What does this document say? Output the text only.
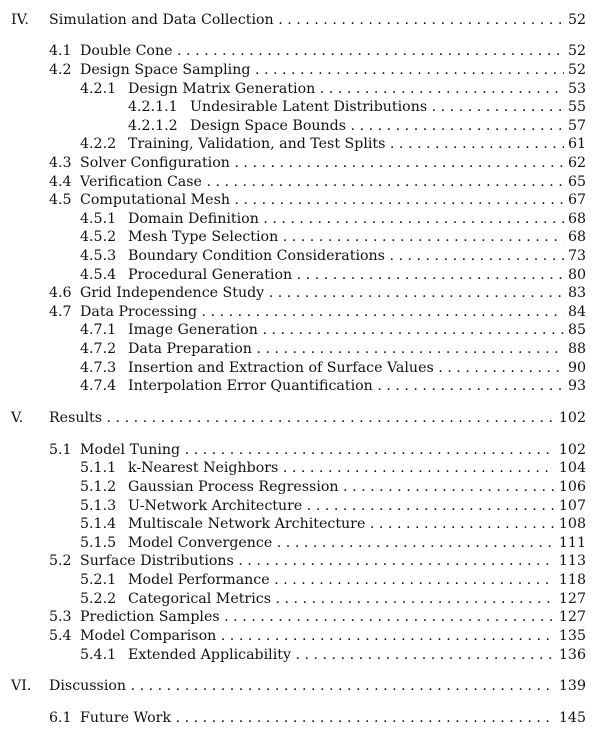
IV. Simulation and Data Collection . . .	52
4.1 Double Cone . . .	52
4.2 Design Space Sampling . . .	52
4.2.1 Design Matrix Generation . . .	53
4.2.1.1 Undesirable Latent Distributions . . .	55
4.2.1.2 Design Space Bounds . . .	57
4.2.2 Training, Validation, and Test Splits . . .	61
4.3 Solver Configuration . . .	62
4.4 Verification Case . . .	65
4.5 Computational Mesh . . .	67
4.5.1 Domain Definition . . .	68
4.5.2 Mesh Type Selection . . .	68
4.5.3 Boundary Condition Considerations . . .	73
4.5.4 Procedural Generation . . .	80
4.6 Grid Independence Study . . .	83
4.7 Data Processing . . .	84
4.7.1 Image Generation . . .	85
4.7.2 Data Preparation . . .	88
4.7.3 Insertion and Extraction of Surface Values . . .	90
4.7.4 Interpolation Error Quantification . . .	93
V. Results . . .	102
5.1 Model Tuning . . .	102
5.1.1 k-Nearest Neighbors . . .	104
5.1.2 Gaussian Process Regression . . .	106
5.1.3 U-Network Architecture . . .	107
5.1.4 Multiscale Network Architecture . . .	108
5.1.5 Model Convergence . . .	111
5.2 Surface Distributions . . .	113
5.2.1 Model Performance . . .	118
5.2.2 Categorical Metrics . . .	127
5.3 Prediction Samples . . .	127
5.4 Model Comparison . . .	135
5.4.1 Extended Applicability . . .	136
VI. Discussion . . .	139
6.1 Future Work . . .	145
